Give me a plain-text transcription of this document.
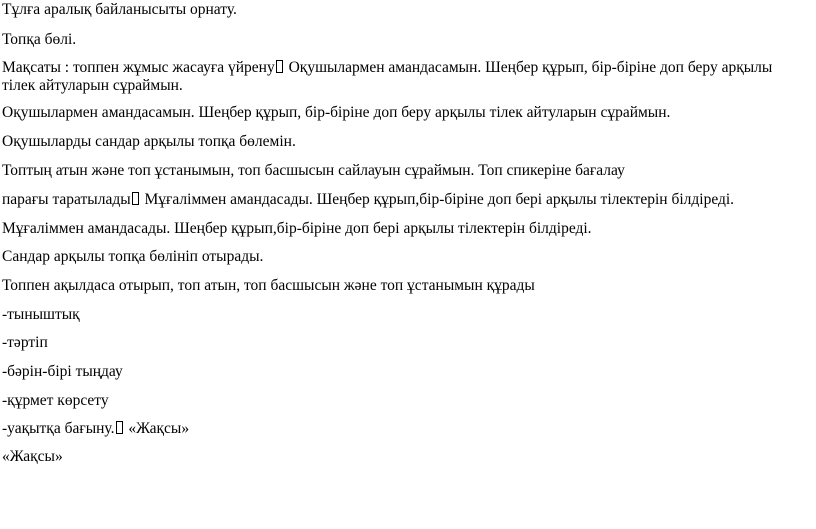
Тұлға аралық байланысыты орнату.
Топқа бөлі.
Мақсаты : топпен жұмыс жасауға үйрену Оқушылармен амандасамын. Шеңбер құрып, бір-біріне доп беру арқылы тілек айтуларын сұраймын.
Оқушылармен амандасамын. Шеңбер құрып, бір-біріне доп беру арқылы тілек айтуларын сұраймын.
Оқушыларды сандар арқылы топқа бөлемін.
Топтың атын және топ ұстанымын, топ басшысын сайлауын сұраймын. Топ спикеріне бағалау
парағы таратылады Мұғаліммен амандасады. Шеңбер құрып,бір-біріне доп берi арқылы тілектерін білдіреді.
Мұғаліммен амандасады. Шеңбер құрып,бір-біріне доп берi арқылы тілектерін білдіреді.
Сандар арқылы топқа бөлініп отырады.
Топпен ақылдаса отырып, топ атын, топ басшысын және топ ұстанымын құрады
-тыныштық
-тәртіп
-бәрін-бірі тыңдау
-құрмет көрсету
-уақытқа бағыну. «Жақсы»
«Жақсы»
